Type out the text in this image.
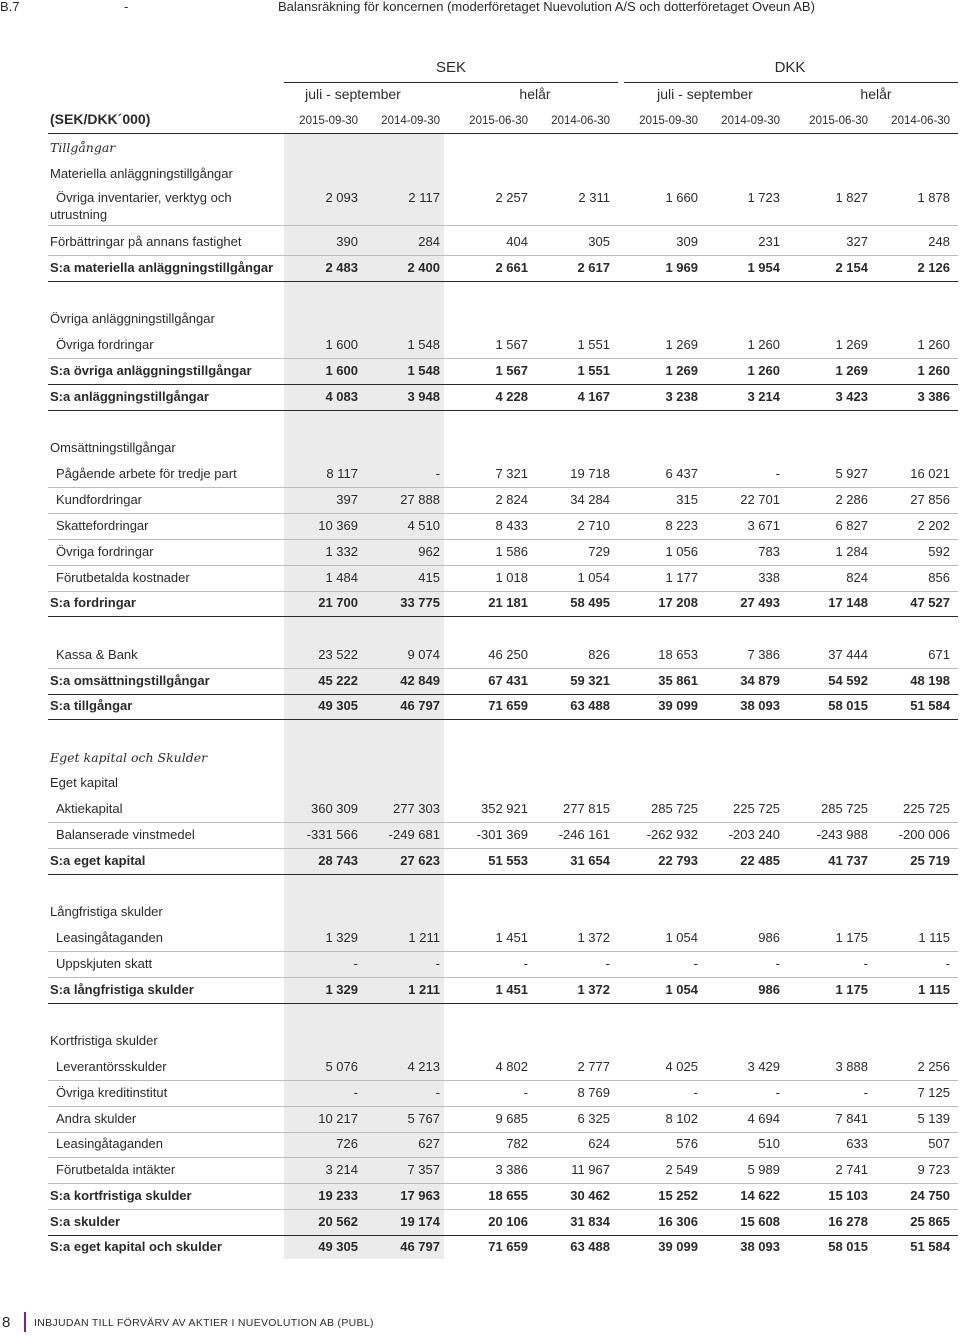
B.7	-	Balansräkning för koncernen (moderföretaget Nuevolution A/S och dotterföretaget Oveun AB)
SEK	DKK
juli - september	helår	juli - september	helår
(SEK/DKK´000)	2015-09-30	2014-09-30	2015-06-30	2014-06-30	2015-09-30	2014-09-30	2015-06-30	2014-06-30
Tillgångar
Materiella anläggningstillgångar
Övriga inventarier, verktyg och
utrustning
2 093	2 117	2 257	2 311	1 660	1 723	1 827	1 878
Förbättringar på annans fastighet	390	284	404	305	309	231	327	248
S:a materiella anläggningstillgångar	2 483	2 400	2 661	2 617	1 969	1 954	2 154	2 126
Övriga anläggningstillgångar
Övriga fordringar	1 600	1 548	1 567	1 551	1 269	1 260	1 269	1 260
S:a övriga anläggningstillgångar	1 600	1 548	1 567	1 551	1 269	1 260	1 269	1 260
S:a anläggningstillgångar	4 083	3 948	4 228	4 167	3 238	3 214	3 423	3 386
Omsättningstillgångar
Pågående arbete för tredje part	8 117	-	7 321	19 718	6 437	-	5 927	16 021
Kundfordringar	397	27 888	2 824	34 284	315	22 701	2 286	27 856
Skattefordringar	10 369	4 510	8 433	2 710	8 223	3 671	6 827	2 202
Övriga fordringar	1 332	962	1 586	729	1 056	783	1 284	592
Förutbetalda kostnader	1 484	415	1 018	1 054	1 177	338	824	856
S:a fordringar	21 700	33 775	21 181	58 495	17 208	27 493	17 148	47 527
Kassa & Bank	23 522	9 074	46 250	826	18 653	7 386	37 444	671
S:a omsättningstillgångar	45 222	42 849	67 431	59 321	35 861	34 879	54 592	48 198
S:a tillgångar	49 305	46 797	71 659	63 488	39 099	38 093	58 015	51 584
Eget kapital och Skulder
Eget kapital
Aktiekapital	360 309	277 303	352 921	277 815	285 725	225 725	285 725	225 725
Balanserade vinstmedel	-331 566	-249 681	-301 369	-246 161	-262 932	-203 240	-243 988	-200 006
S:a eget kapital	28 743	27 623	51 553	31 654	22 793	22 485	41 737	25 719
Långfristiga skulder
Leasingåtaganden	1 329	1 211	1 451	1 372	1 054	986	1 175	1 115
Uppskjuten skatt	-	-	-	-	-	-	-	-
S:a långfristiga skulder	1 329	1 211	1 451	1 372	1 054	986	1 175	1 115
Kortfristiga skulder
Leverantörsskulder	5 076	4 213	4 802	2 777	4 025	3 429	3 888	2 256
Övriga kreditinstitut	-	-	-	8 769	-	-	-	7 125
Andra skulder	10 217	5 767	9 685	6 325	8 102	4 694	7 841	5 139
Leasingåtaganden	726	627	782	624	576	510	633	507
Förutbetalda intäkter	3 214	7 357	3 386	11 967	2 549	5 989	2 741	9 723
S:a kortfristiga skulder	19 233	17 963	18 655	30 462	15 252	14 622	15 103	24 750
S:a skulder	20 562	19 174	20 106	31 834	16 306	15 608	16 278	25 865
S:a eget kapital och skulder	49 305	46 797	71 659	63 488	39 099	38 093	58 015	51 584
8 INBJUDAN TILL FÖRVÄRV AV AKTIER I NUEVOLUTION AB (PUBL)
